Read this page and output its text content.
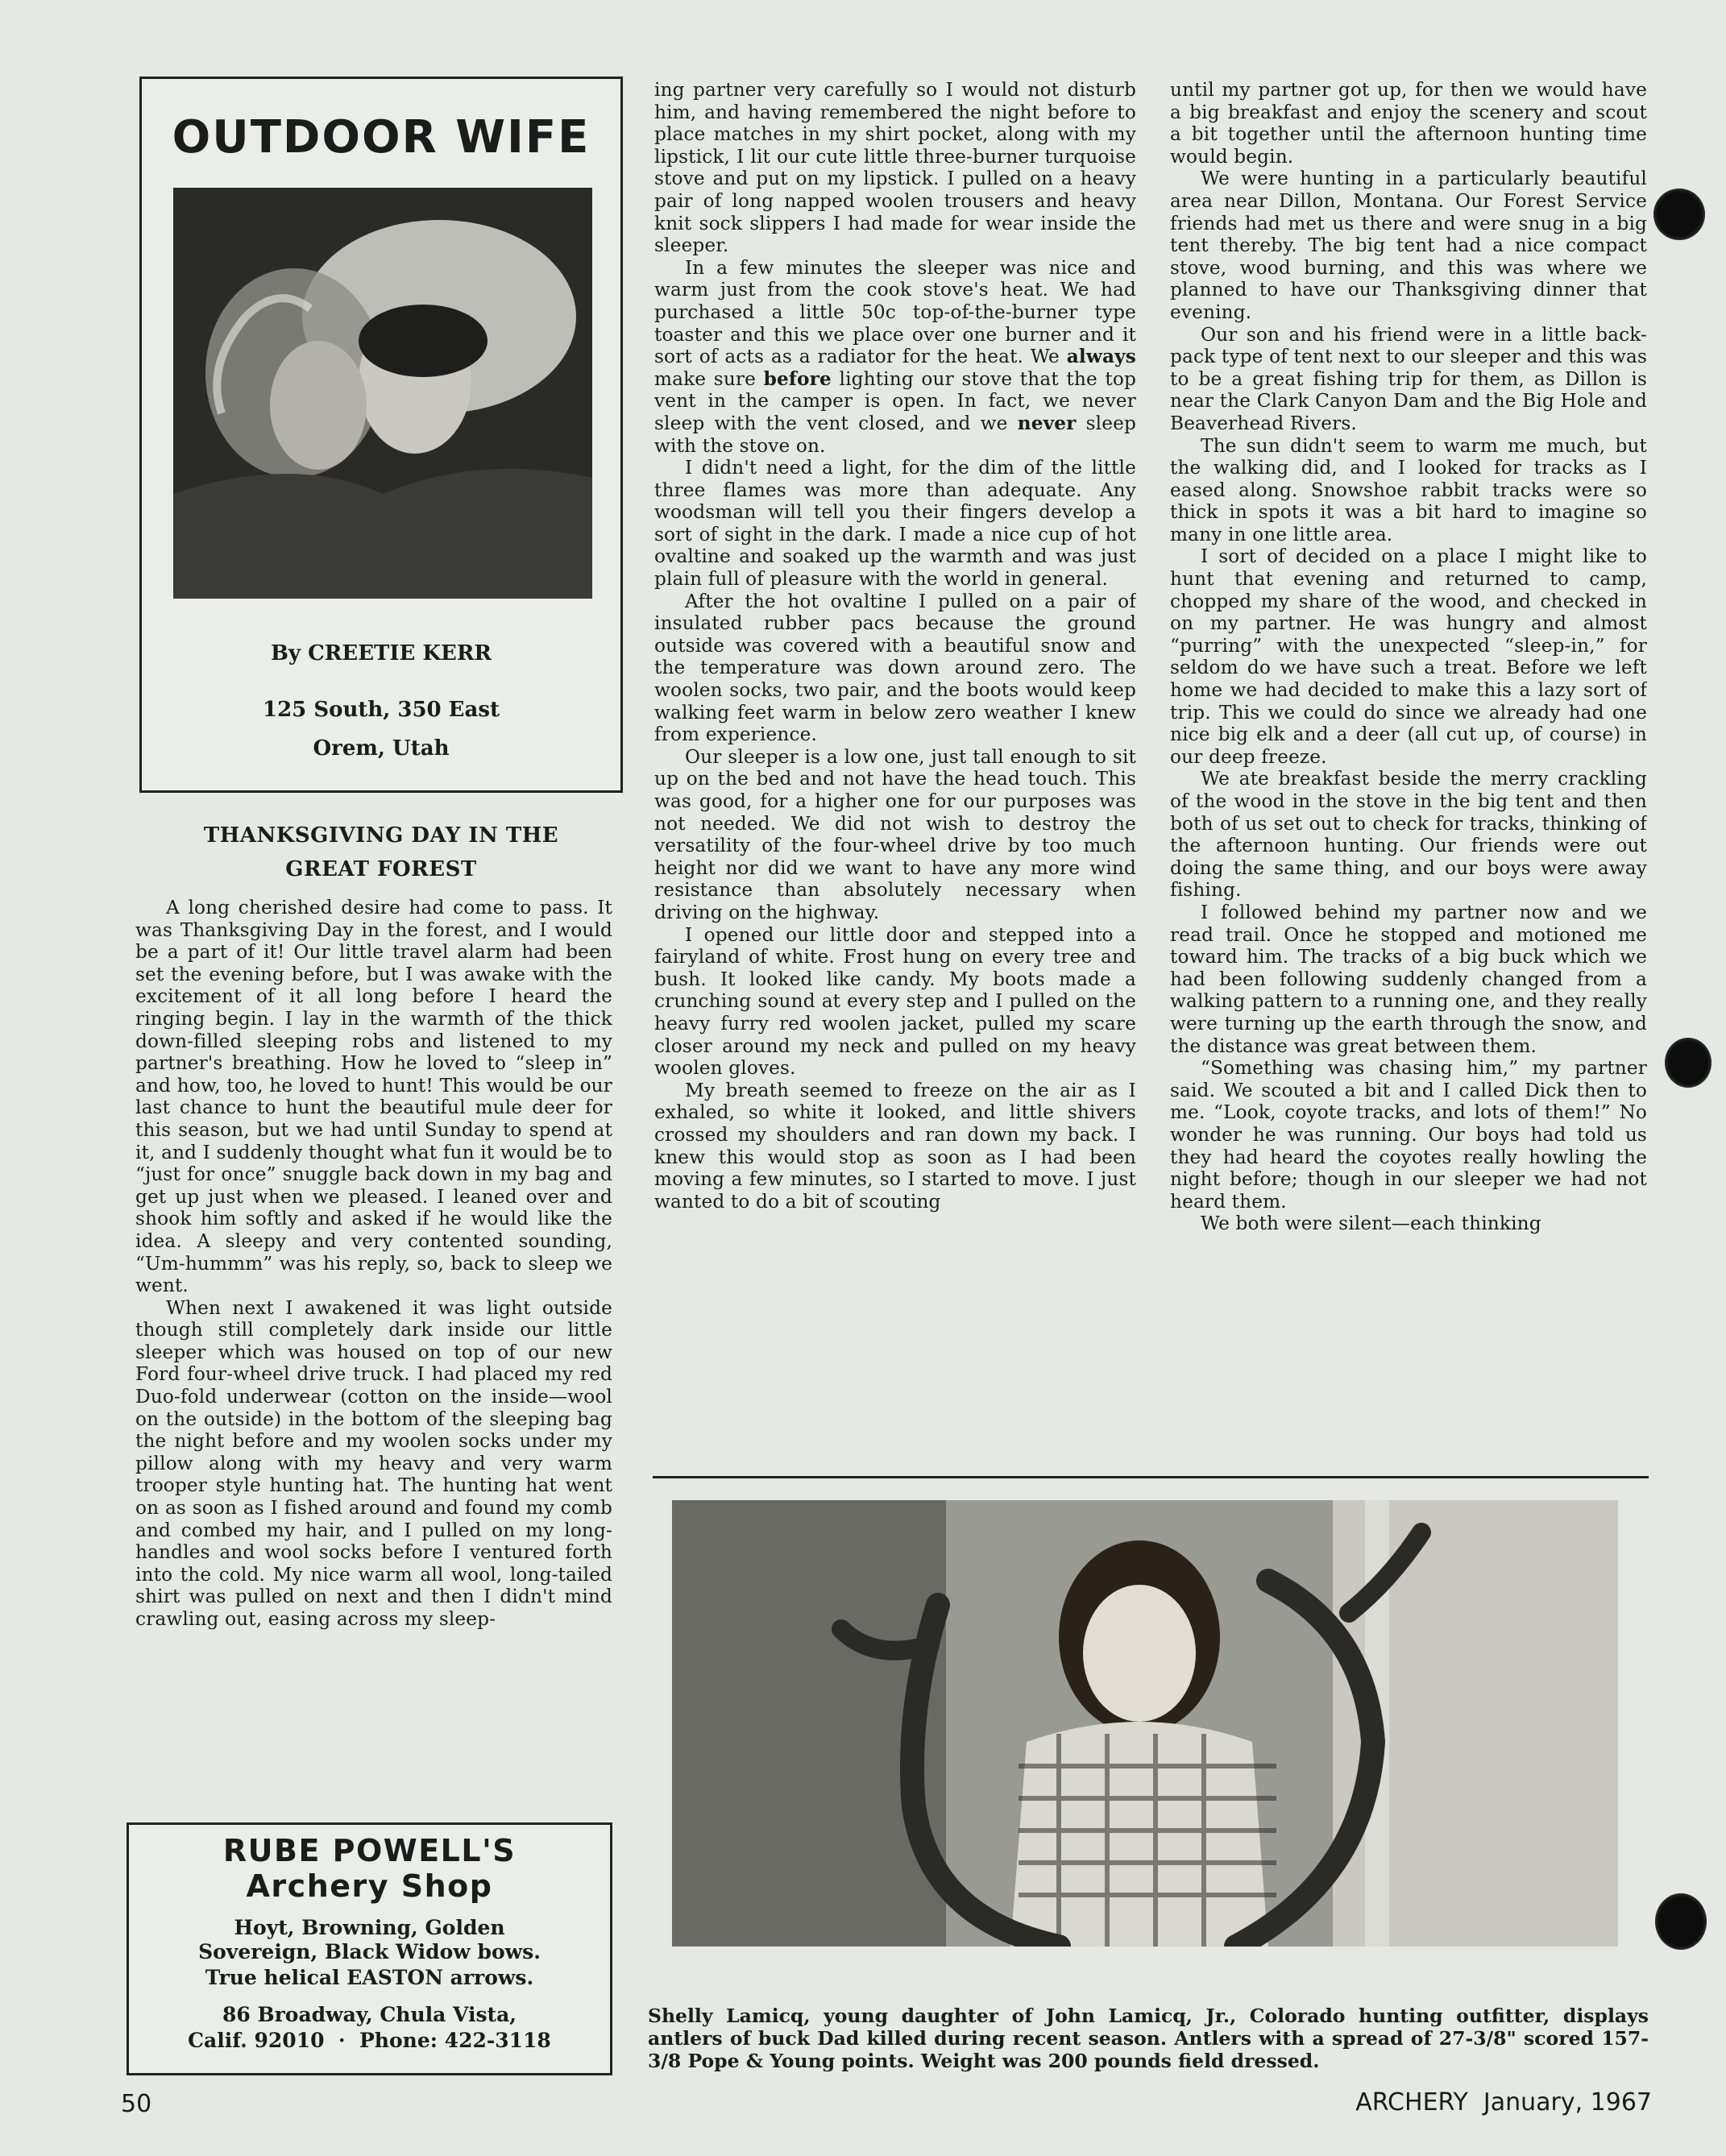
OUTDOOR WIFE
By CREETIE KERR
125 South, 350 East
Orem, Utah
THANKSGIVING DAY IN THE
GREAT FOREST

A long cherished desire had come to pass. It was Thanksgiving Day in the forest, and I would be a part of it! Our little travel alarm had been set the evening before, but I was awake with the excitement of it all long before I heard the ringing begin. I lay in the warmth of the thick down-filled sleeping robs and listened to my partner's breathing. How he loved to “sleep in” and how, too, he loved to hunt! This would be our last chance to hunt the beautiful mule deer for this season, but we had until Sunday to spend at it, and I suddenly thought what fun it would be to “just for once” snuggle back down in my bag and get up just when we pleased. I leaned over and shook him softly and asked if he would like the idea. A sleepy and very contented sounding, “Um-hummm” was his reply, so, back to sleep we went.

When next I awakened it was light outside though still completely dark inside our little sleeper which was housed on top of our new Ford four-wheel drive truck. I had placed my red Duo-fold underwear (cotton on the inside—wool on the outside) in the bottom of the sleeping bag the night before and my woolen socks under my pillow along with my heavy and very warm trooper style hunting hat. The hunting hat went on as soon as I fished around and found my comb and combed my hair, and I pulled on my long-handles and wool socks before I ventured forth into the cold. My nice warm all wool, long-tailed shirt was pulled on next and then I didn't mind crawling out, easing across my sleep-

ing partner very carefully so I would not disturb him, and having remembered the night before to place matches in my shirt pocket, along with my lipstick, I lit our cute little three-burner turquoise stove and put on my lipstick. I pulled on a heavy pair of long napped woolen trousers and heavy knit sock slippers I had made for wear inside the sleeper.

In a few minutes the sleeper was nice and warm just from the cook stove's heat. We had purchased a little 50c top-of-the-burner type toaster and this we place over one burner and it sort of acts as a radiator for the heat. We always make sure before lighting our stove that the top vent in the camper is open. In fact, we never sleep with the vent closed, and we never sleep with the stove on.

I didn't need a light, for the dim of the little three flames was more than adequate. Any woodsman will tell you their fingers develop a sort of sight in the dark. I made a nice cup of hot ovaltine and soaked up the warmth and was just plain full of pleasure with the world in general.

After the hot ovaltine I pulled on a pair of insulated rubber pacs because the ground outside was covered with a beautiful snow and the temperature was down around zero. The woolen socks, two pair, and the boots would keep walking feet warm in below zero weather I knew from experience.

Our sleeper is a low one, just tall enough to sit up on the bed and not have the head touch. This was good, for a higher one for our purposes was not needed. We did not wish to destroy the versatility of the four-wheel drive by too much height nor did we want to have any more wind resistance than absolutely necessary when driving on the highway.

I opened our little door and stepped into a fairyland of white. Frost hung on every tree and bush. It looked like candy. My boots made a crunching sound at every step and I pulled on the heavy furry red woolen jacket, pulled my scare closer around my neck and pulled on my heavy woolen gloves.

My breath seemed to freeze on the air as I exhaled, so white it looked, and little shivers crossed my shoulders and ran down my back. I knew this would stop as soon as I had been moving a few minutes, so I started to move. I just wanted to do a bit of scouting

until my partner got up, for then we would have a big breakfast and enjoy the scenery and scout a bit together until the afternoon hunting time would begin.

We were hunting in a particularly beautiful area near Dillon, Montana. Our Forest Service friends had met us there and were snug in a big tent thereby. The big tent had a nice compact stove, wood burning, and this was where we planned to have our Thanksgiving dinner that evening.

Our son and his friend were in a little back-pack type of tent next to our sleeper and this was to be a great fishing trip for them, as Dillon is near the Clark Canyon Dam and the Big Hole and Beaverhead Rivers.

The sun didn't seem to warm me much, but the walking did, and I looked for tracks as I eased along. Snowshoe rabbit tracks were so thick in spots it was a bit hard to imagine so many in one little area.

I sort of decided on a place I might like to hunt that evening and returned to camp, chopped my share of the wood, and checked in on my partner. He was hungry and almost “purring” with the unexpected “sleep-in,” for seldom do we have such a treat. Before we left home we had decided to make this a lazy sort of trip. This we could do since we already had one nice big elk and a deer (all cut up, of course) in our deep freeze.

We ate breakfast beside the merry crackling of the wood in the stove in the big tent and then both of us set out to check for tracks, thinking of the afternoon hunting. Our friends were out doing the same thing, and our boys were away fishing.

I followed behind my partner now and we read trail. Once he stopped and motioned me toward him. The tracks of a big buck which we had been following suddenly changed from a walking pattern to a running one, and they really were turning up the earth through the snow, and the distance was great between them.

“Something was chasing him,” my partner said. We scouted a bit and I called Dick then to me. “Look, coyote tracks, and lots of them!” No wonder he was running. Our boys had told us they had heard the coyotes really howling the night before; though in our sleeper we had not heard them.

We both were silent—each thinking

Shelly Lamicq, young daughter of John Lamicq, Jr., Colorado hunting outfitter, displays antlers of buck Dad killed during recent season. Antlers with a spread of 27-3/8" scored 157-3/8 Pope & Young points. Weight was 200 pounds field dressed.
RUBE POWELL'S
Archery Shop
Hoyt, Browning, Golden
Sovereign, Black Widow bows.
True helical EASTON arrows.
86 Broadway, Chula Vista,
Calif. 92010  ·  Phone: 422-3118
50	ARCHERY  January, 1967
